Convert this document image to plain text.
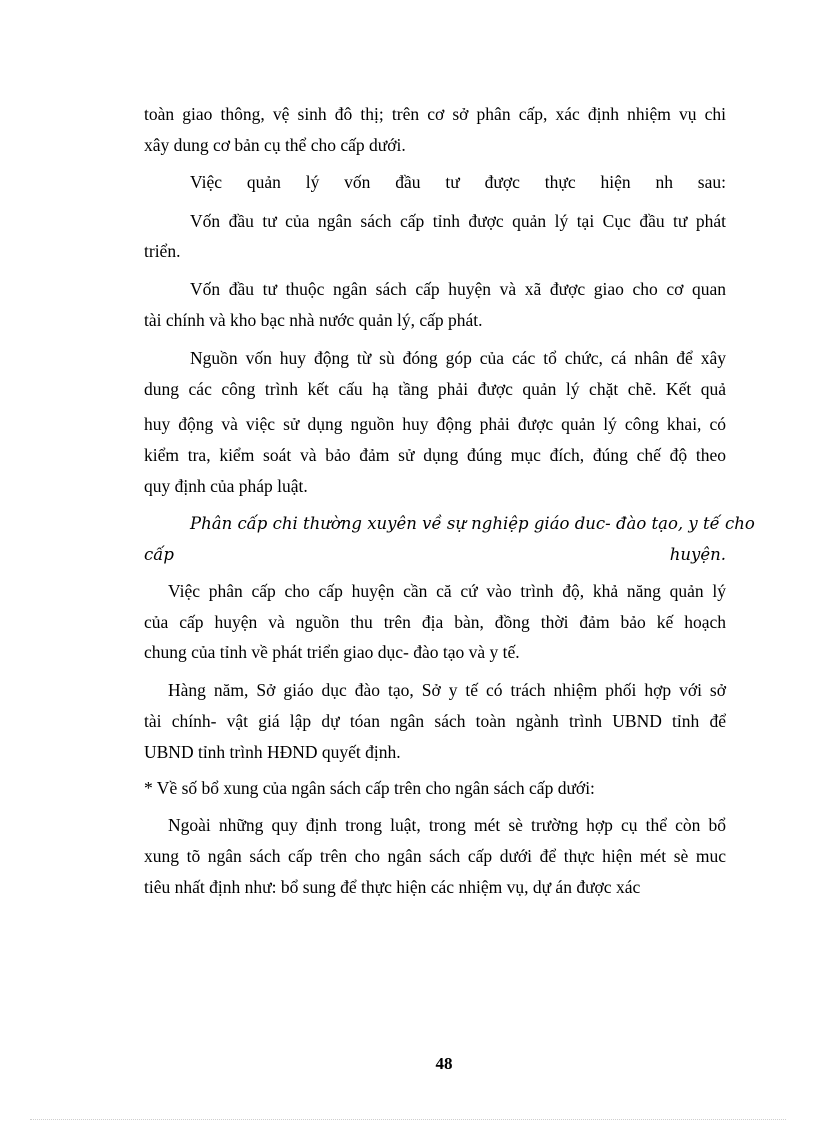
toàn giao thông, vệ sinh đô thị; trên cơ sở phân cấp, xác định nhiệm vụ chi
xây dung cơ bản cụ thể cho cấp dưới.
Việc quản lý vốn đầu tư được thực hiện nh sau:
Vốn đầu tư của ngân sách cấp tỉnh được quản lý tại Cục đầu tư phát
triển.
Vốn đầu tư thuộc ngân sách cấp huyện và xã được giao cho cơ quan
tài chính và kho bạc nhà nước quản lý, cấp phát.
Nguồn vốn huy động từ sù đóng góp của các tổ chức, cá nhân để xây
dung các công trình kết cấu hạ tầng phải được quản lý chặt chẽ. Kết quả
huy động và việc sử dụng nguồn huy động phải được quản lý công khai, có
kiểm tra, kiểm soát và bảo đảm sử dụng đúng mục đích, đúng chế độ theo
quy định của pháp luật.
Phân cấp chi thường xuyên về sự nghiệp giáo duc- đào tạo, y tế cho
cấp huyện.
Việc phân cấp cho cấp huyện cần că cứ vào trình độ, khả năng quản lý
của cấp huyện và nguồn thu trên địa bàn, đồng thời đảm bảo kế hoạch
chung của tỉnh về phát triển giao dục- đào tạo và y tế.
Hàng năm, Sở giáo dục đào tạo, Sở y tế có trách nhiệm phối hợp với sở
tài chính- vật giá lập dự tóan ngân sách toàn ngành trình UBND tỉnh để
UBND tỉnh trình HĐND quyết định.
* Về số bổ xung của ngân sách cấp trên cho ngân sách cấp dưới:
Ngoài những quy định trong luật, trong mét sè trường hợp cụ thể còn bổ
xung tõ ngân sách cấp trên cho ngân sách cấp dưới để thực hiện mét sè muc
tiêu nhất định như: bổ sung để thực hiện các nhiệm vụ, dự án được xác
48
